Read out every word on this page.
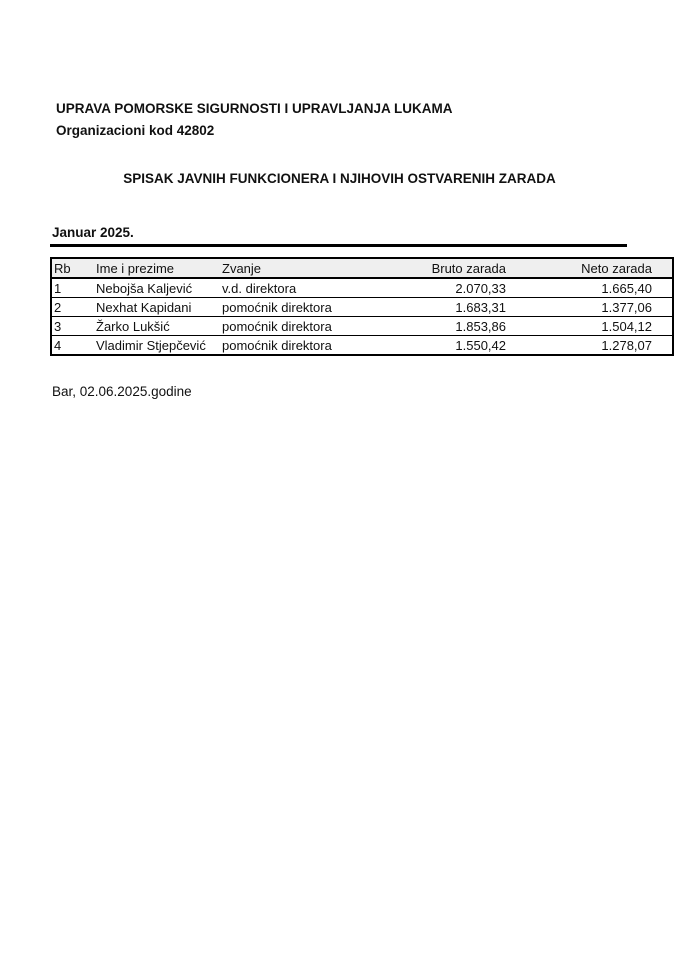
UPRAVA POMORSKE SIGURNOSTI I UPRAVLJANJA LUKAMA
Organizacioni kod 42802
SPISAK JAVNIH FUNKCIONERA I NJIHOVIH OSTVARENIH ZARADA
Januar 2025.
Rb	Ime i prezime	Zvanje	Bruto zarada	Neto zarada
1	Nebojša Kaljević	v.d. direktora	2.070,33	1.665,40
2	Nexhat Kapidani	pomoćnik direktora	1.683,31	1.377,06
3	Žarko Lukšić	pomoćnik direktora	1.853,86	1.504,12
4	Vladimir Stjepčević	pomoćnik direktora	1.550,42	1.278,07
Bar, 02.06.2025.godine
